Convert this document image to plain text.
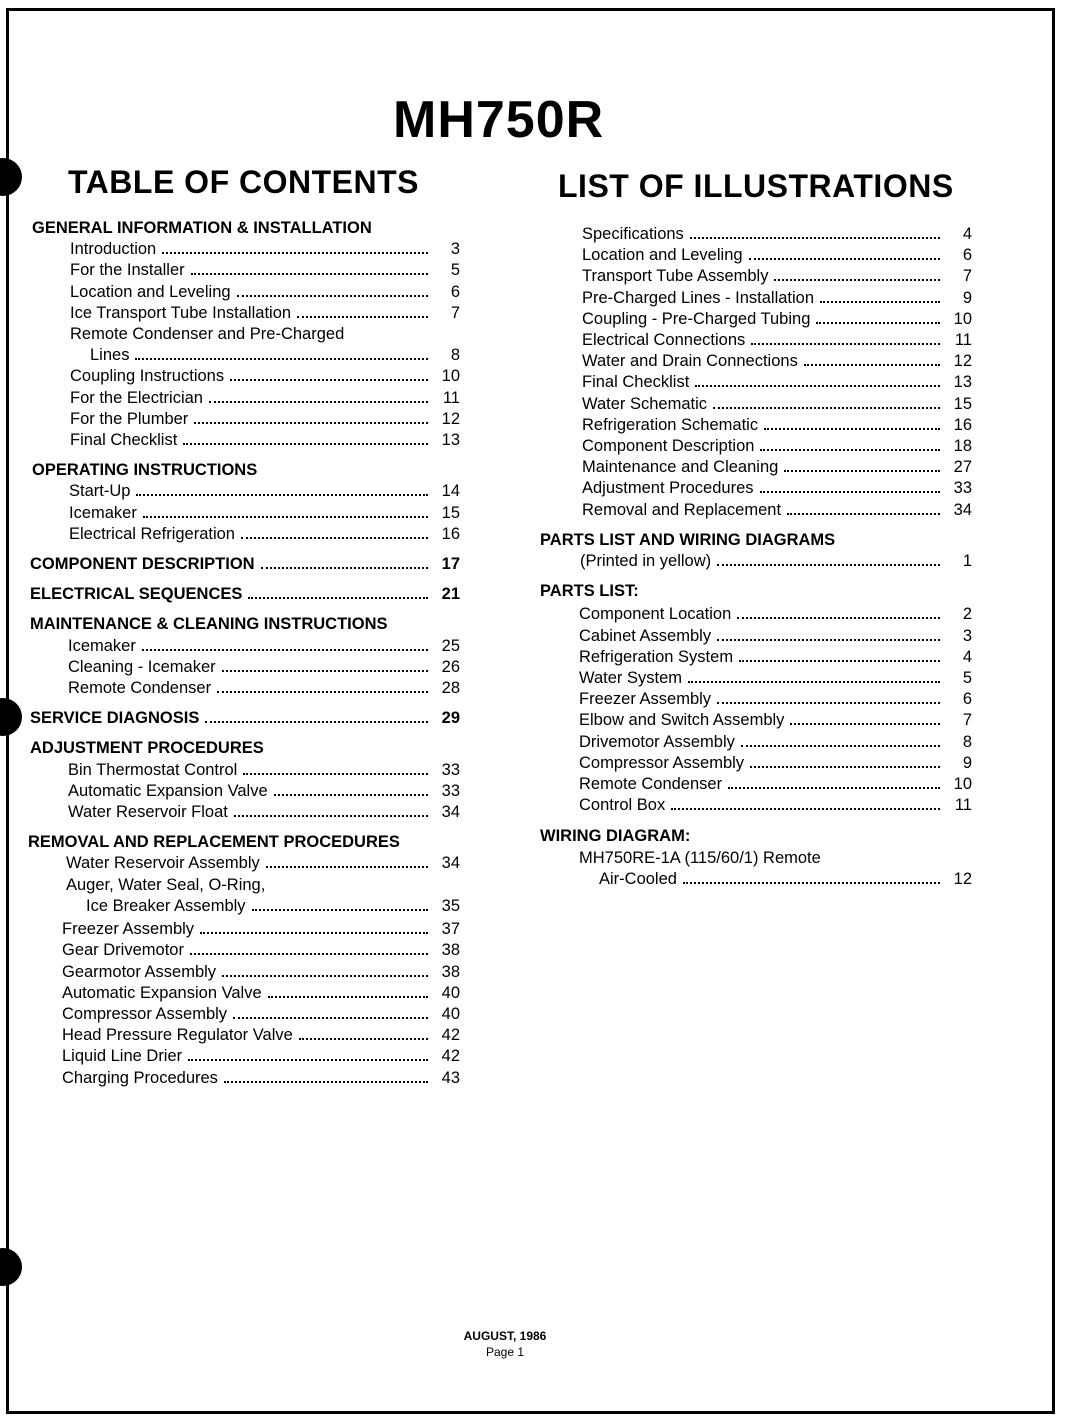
MH750R
TABLE OF CONTENTS	LIST OF ILLUSTRATIONS
GENERAL INFORMATION & INSTALLATION
Introduction	3
For the Installer	5
Location and Leveling	6
Ice Transport Tube Installation	7
Remote Condenser and Pre-Charged
Lines	8
Coupling Instructions	10
For the Electrician	11
For the Plumber	12
Final Checklist	13
OPERATING INSTRUCTIONS
Start-Up	14
Icemaker	15
Electrical Refrigeration	16
COMPONENT DESCRIPTION	17
ELECTRICAL SEQUENCES	21
MAINTENANCE & CLEANING INSTRUCTIONS
Icemaker	25
Cleaning - Icemaker	26
Remote Condenser	28
SERVICE DIAGNOSIS	29
ADJUSTMENT PROCEDURES
Bin Thermostat Control	33
Automatic Expansion Valve	33
Water Reservoir Float	34
REMOVAL AND REPLACEMENT PROCEDURES
Water Reservoir Assembly	34
Auger, Water Seal, O-Ring,
Ice Breaker Assembly	35
Freezer Assembly	37
Gear Drivemotor	38
Gearmotor Assembly	38
Automatic Expansion Valve	40
Compressor Assembly	40
Head Pressure Regulator Valve	42
Liquid Line Drier	42
Charging Procedures	43
Specifications	4
Location and Leveling	6
Transport Tube Assembly	7
Pre-Charged Lines - Installation	9
Coupling - Pre-Charged Tubing	10
Electrical Connections	11
Water and Drain Connections	12
Final Checklist	13
Water Schematic	15
Refrigeration Schematic	16
Component Description	18
Maintenance and Cleaning	27
Adjustment Procedures	33
Removal and Replacement	34
PARTS LIST AND WIRING DIAGRAMS
(Printed in yellow)	1
PARTS LIST:
Component Location	2
Cabinet Assembly	3
Refrigeration System	4
Water System	5
Freezer Assembly	6
Elbow and Switch Assembly	7
Drivemotor Assembly	8
Compressor Assembly	9
Remote Condenser	10
Control Box	11
WIRING DIAGRAM:
MH750RE-1A (115/60/1) Remote
Air-Cooled	12
AUGUST, 1986
Page 1
